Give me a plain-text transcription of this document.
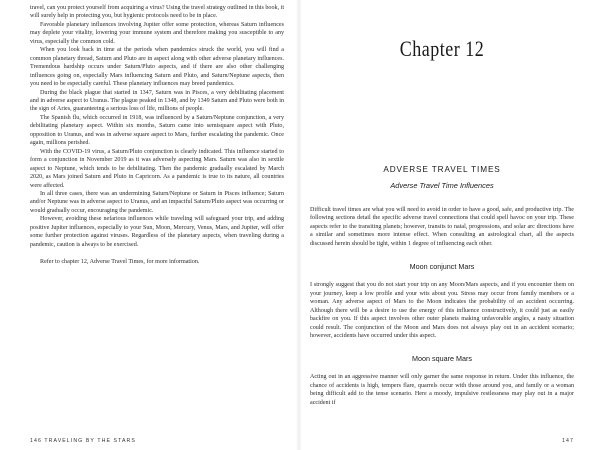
travel, can you protect yourself from acquiring a virus? Using the travel strategy outlined in this book, it will surely help in protecting you, but hygienic protocols need to be in place.

Favorable planetary influences involving Jupiter offer some protection, whereas Saturn influences may deplete your vitality, lowering your immune system and therefore making you susceptible to any virus, especially the common cold.

When you look back in time at the periods when pandemics struck the world, you will find a common planetary thread, Saturn and Pluto are in aspect along with other adverse planetary influences. Tremendous hardship occurs under Saturn/Pluto aspects, and if there are also other challenging influences going on, especially Mars influencing Saturn and Pluto, and Saturn/Neptune aspects, then you need to be especially careful. These planetary influences may breed pandemics.

During the black plague that started in 1347, Saturn was in Pisces, a very debilitating placement and in adverse aspect to Uranus. The plague peaked in 1348, and by 1349 Saturn and Pluto were both in the sign of Aries, guaranteeing a serious loss of life, millions of people.

The Spanish flu, which occurred in 1918, was influenced by a Saturn/Neptune conjunction, a very debilitating planetary aspect. Within six months, Saturn came into semisquare aspect with Pluto, opposition to Uranus, and was in adverse square aspect to Mars, further escalating the pandemic. Once again, millions perished.

With the COVID-19 virus, a Saturn/Pluto conjunction is clearly indicated. This influence started to form a conjunction in November 2019 as it was adversely aspecting Mars. Saturn was also in sextile aspect to Neptune, which tends to be debilitating. Then the pandemic gradually escalated by March 2020, as Mars joined Saturn and Pluto in Capricorn. As a pandemic is true to its nature, all countries were affected.

In all three cases, there was an undermining Saturn/Neptune or Saturn in Pisces influence; Saturn and/or Neptune was in adverse aspect to Uranus, and an impactful Saturn/Pluto aspect was occurring or would gradually occur, encouraging the pandemic.

However, avoiding these nefarious influences while traveling will safeguard your trip, and adding positive Jupiter influences, especially to your Sun, Moon, Mercury, Venus, Mars, and Jupiter, will offer some further protection against viruses. Regardless of the planetary aspects, when traveling during a pandemic, caution is always to be exercised.

Refer to chapter 12, Adverse Travel Times, for more information.

Chapter 12
ADVERSE TRAVEL TIMES
Adverse Travel Time Influences

Difficult travel times are what you will need to avoid in order to have a good, safe, and productive trip. The following sections detail the specific adverse travel connections that could spell havoc on your trip. These aspects refer to the transiting planets; however, transits to natal, progressions, and solar arc directions have a similar and sometimes more intense effect. When consulting an astrological chart, all the aspects discussed herein should be tight, within 1 degree of influencing each other.

Moon conjunct Mars

I strongly suggest that you do not start your trip on any Moon/Mars aspects, and if you encounter them on your journey, keep a low profile and your wits about you. Stress may occur from family members or a woman. Any adverse aspect of Mars to the Moon indicates the probability of an accident occurring. Although there will be a desire to use the energy of this influence constructively, it could just as easily backfire on you. If this aspect involves other outer planets making unfavorable angles, a nasty situation could result. The conjunction of the Moon and Mars does not always play out in an accident scenario; however, accidents have occurred under this aspect.

Moon square Mars

Acting out in an aggressive manner will only garner the same response in return. Under this influence, the chance of accidents is high, tempers flare, quarrels occur with those around you, and family or a woman being difficult add to the tense scenario. Here a moody, impulsive restlessness may play out in a major accident if

146 TRAVELING BY THE STARS	147
